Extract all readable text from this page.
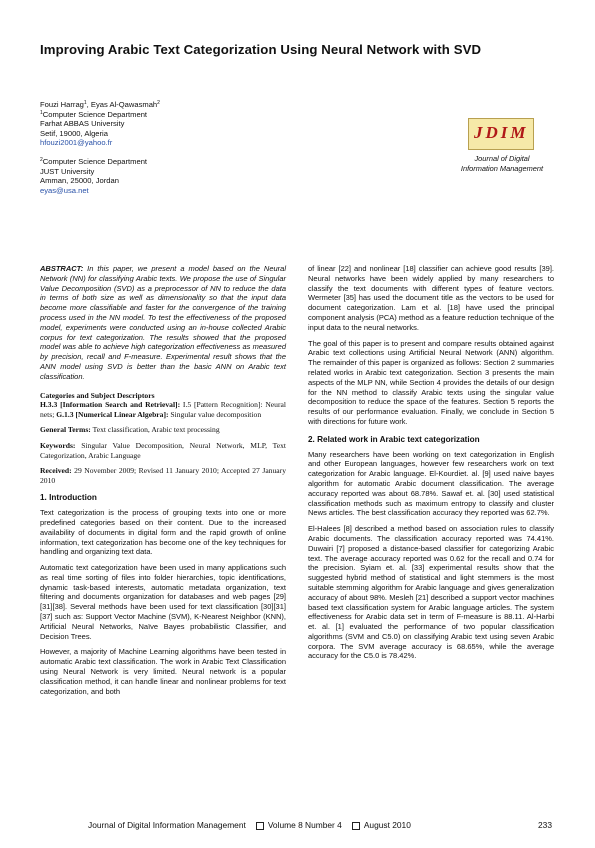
Improving Arabic Text Categorization Using Neural Network with SVD
Fouzi Harrag$^1$, Eyas Al-Qawasmah$^2$
$^1$Computer Science Department
Farhat ABBAS University
Setif, 19000, Algeria
hfouzi2001@yahoo.fr
$^2$Computer Science Department
JUST University
Amman, 25000, Jordan
eyas@usa.net
JDIM
Journal of Digital
Information Management

ABSTRACT: In this paper, we present a model based on the Neural Network (NN) for classifying Arabic texts. We propose the use of Singular Value Decomposition (SVD) as a preprocessor of NN to reduce the data in terms of both size as well as dimensionality so that the input data become more classifiable and faster for the convergence of the training process used in the NN model. To test the effectiveness of the proposed model, experiments were conducted using an in-house collected Arabic corpus for text categorization. The results showed that the proposed model was able to achieve high categorization effectiveness as measured by precision, recall and F-measure. Experimental result shows that the ANN model using SVD is better than the basic ANN on Arabic text classification.

Categories and Subject Descriptors

H.3.3 [Information Search and Retrieval]: I.5 [Pattern Recognition]: Neural nets; G.1.3 [Numerical Linear Algebra]: Singular value decomposition

General Terms: Text classification, Arabic text processing

Keywords: Singular Value Decomposition, Neural Network, MLP, Text Categorization, Arabic Language

Received: 29 November 2009; Revised 11 January 2010; Accepted 27 January 2010

1. Introduction

Text categorization is the process of grouping texts into one or more predefined categories based on their content. Due to the increased availability of documents in digital form and the rapid growth of online information, text categorization has become one of the key techniques for handling and organizing text data.

Automatic text categorization have been used in many applications such as real time sorting of files into folder hierarchies, topic identifications, dynamic task-based interests, automatic metadata organization, text filtering and documents organization for databases and web pages [29][31][38]. Several methods have been used for text classification [30][31][37] such as: Support Vector Machine (SVM), K-Nearest Neighbor (KNN), Artificial Neural Networks, Naïve Bayes probabilistic Classifier, and Decision Trees.

However, a majority of Machine Learning algorithms have been tested in automatic Arabic text classification. The work in Arabic Text Classification using Neural Network is very limited. Neural network is a popular classification method, it can handle linear and nonlinear problems for text categorization, and both

of linear [22] and nonlinear [18] classifier can achieve good results [39]. Neural networks have been widely applied by many researchers to classify the text documents with different types of feature vectors. Wermeter [35] has used the document title as the vectors to be used for document categorization. Lam et al. [18] have used the principal component analysis (PCA) method as a feature reduction technique of the input data to the neural networks.

The goal of this paper is to present and compare results obtained against Arabic text collections using Artificial Neural Network (ANN) algorithm. The remainder of this paper is organized as follows: Section 2 summaries related works in Arabic text categorization. Section 3 presents the main aspects of the MLP NN, while Section 4 provides the details of our design for the NN method to classify Arabic texts using the singular value decomposition to reduce the space of the features. Section 5 reports the results of our performance evaluation. Finally, we conclude in Section 5 with directions for future work.

2. Related work in Arabic text categorization

Many researchers have been working on text categorization in English and other European languages, however few researchers work on text categorization for Arabic language. El-Kourdiet. al. [9] used naive bayes algorithm for automatic Arabic document classification. The average accuracy reported was about 68.78%. Sawaf et. al. [30] used statistical classification methods such as maximum entropy to classify and cluster News articles. The best classification accuracy they reported was 62.7%.

El-Halees [8] described a method based on association rules to classify Arabic documents. The classification accuracy reported was 74.41%. Duwairi [7] proposed a distance-based classifier for categorizing Arabic text. The average accuracy reported was 0.62 for the recall and 0.74 for the precision. Syiam et. al. [33] experimental results show that the suggested hybrid method of statistical and light stemmers is the most suitable stemming algorithm for Arabic language and gives generalization accuracy of about 98%. Mesleh [21] described a support vector machines based text classification system for Arabic language articles. The system effectiveness for Arabic data set in term of F-measure is 88.11. Al-Harbi et. al. [1] evaluated the performance of two popular classification algorithms (SVM and C5.0) on classifying Arabic text using seven Arabic corpora. The SVM average accuracy is 68.65%, while the average accuracy for the C5.0 is 78.42%.

Journal of Digital Information Management	Volume 8 Number 4	August 2010	233
